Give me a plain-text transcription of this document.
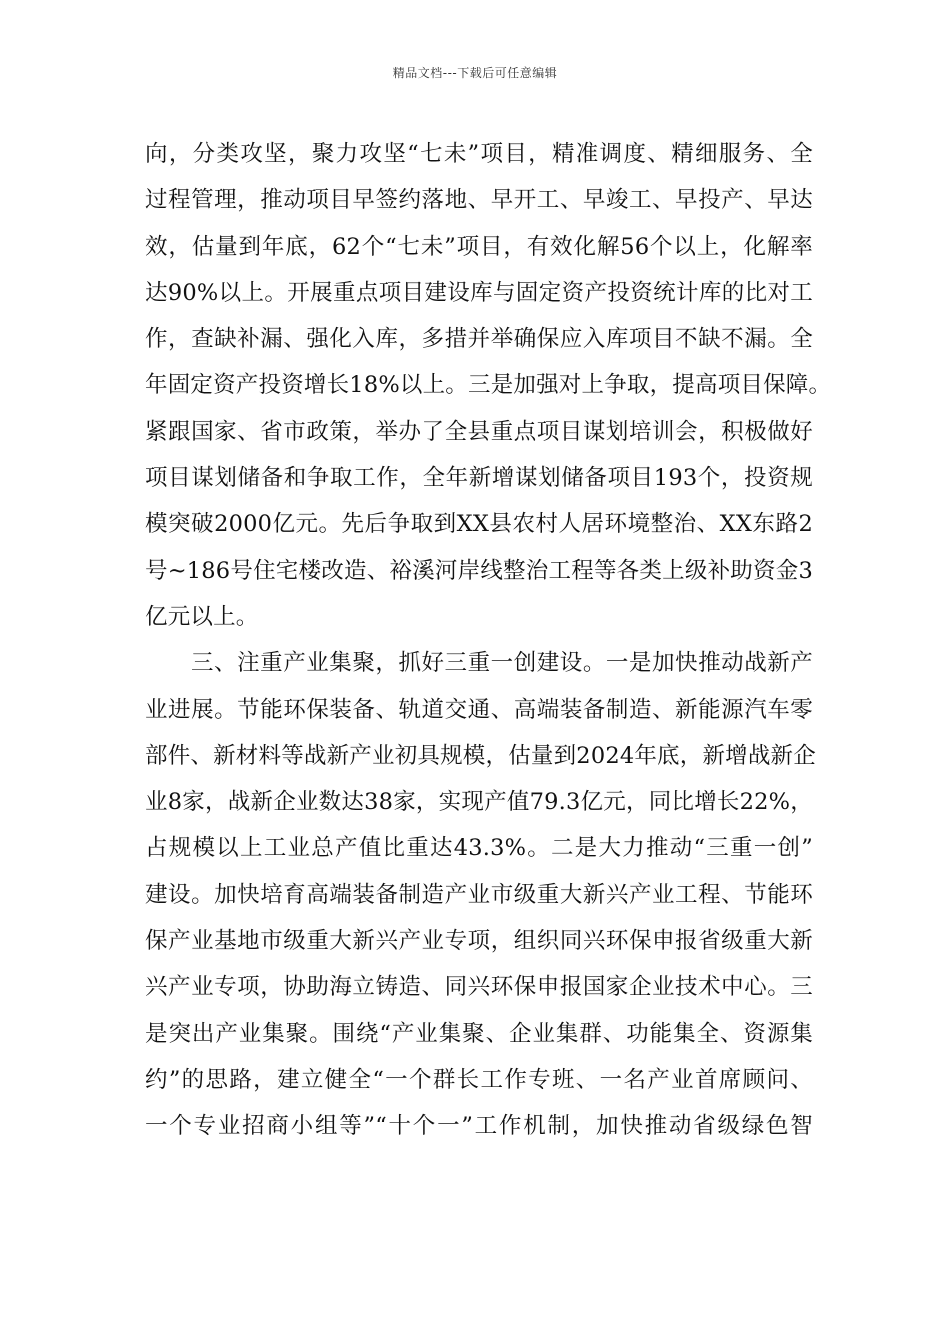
精品文档---下载后可任意编辑
向，分类攻坚，聚力攻坚“七未”项目，精准调度、精细服务、全
过程管理，推动项目早签约落地、早开工、早竣工、早投产、早达
效，估量到年底，62个“七未”项目，有效化解56个以上，化解率
达90%以上。开展重点项目建设库与固定资产投资统计库的比对工
作，查缺补漏、强化入库，多措并举确保应入库项目不缺不漏。全
年固定资产投资增长18%以上。三是加强对上争取，提高项目保障。
紧跟国家、省市政策，举办了全县重点项目谋划培训会，积极做好
项目谋划储备和争取工作，全年新增谋划储备项目193个，投资规
模突破2000亿元。先后争取到XX县农村人居环境整治、XX东路2
号~186号住宅楼改造、裕溪河岸线整治工程等各类上级补助资金3
亿元以上。
三、注重产业集聚，抓好三重一创建设。一是加快推动战新产
业进展。节能环保装备、轨道交通、高端装备制造、新能源汽车零
部件、新材料等战新产业初具规模，估量到2024年底，新增战新企
业8家，战新企业数达38家，实现产值79.3亿元，同比增长22%，
占规模以上工业总产值比重达43.3%。二是大力推动“三重一创”
建设。加快培育高端装备制造产业市级重大新兴产业工程、节能环
保产业基地市级重大新兴产业专项，组织同兴环保申报省级重大新
兴产业专项，协助海立铸造、同兴环保申报国家企业技术中心。三
是突出产业集聚。围绕“产业集聚、企业集群、功能集全、资源集
约”的思路，建立健全“一个群长工作专班、一名产业首席顾问、
一个专业招商小组等”“十个一”工作机制，加快推动省级绿色智
